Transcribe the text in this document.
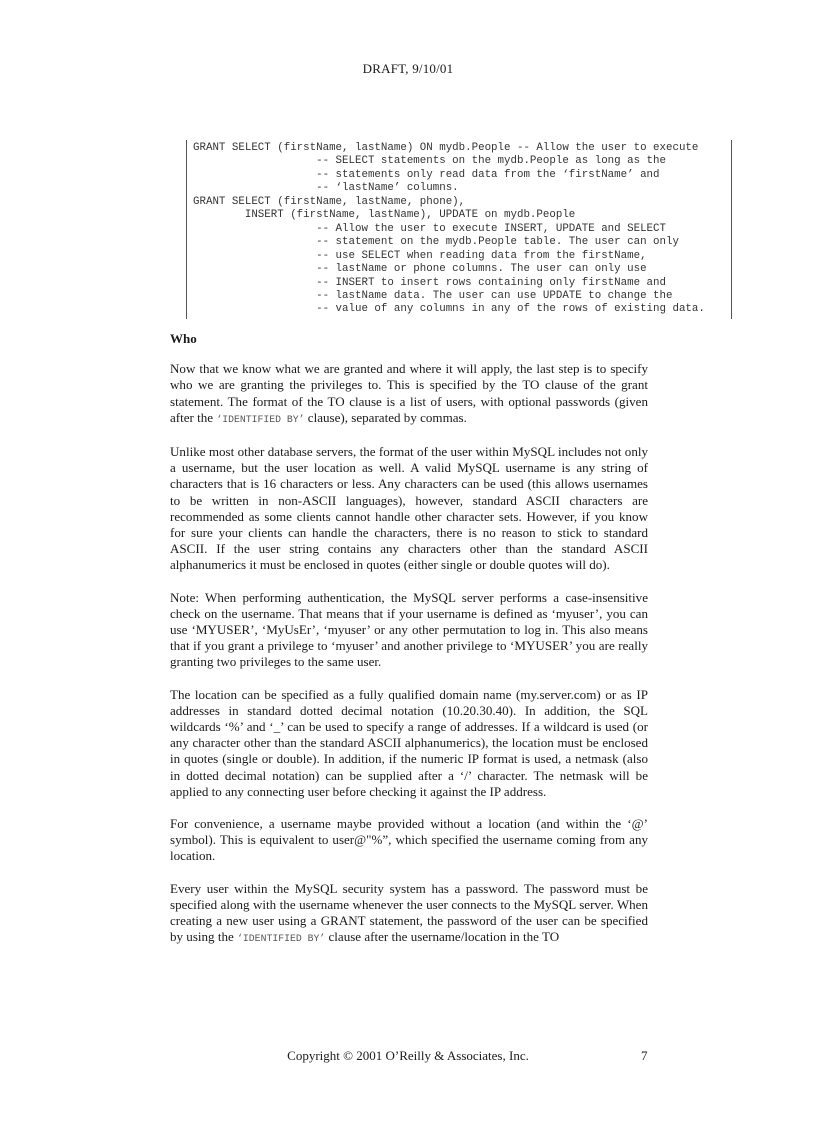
DRAFT, 9/10/01
GRANT SELECT (firstName, lastName) ON mydb.People -- Allow the user to execute
-- SELECT statements on the mydb.People as long as the
-- statements only read data from the ‘firstName’ and
-- ‘lastName’ columns.
GRANT SELECT (firstName, lastName, phone),
INSERT (firstName, lastName), UPDATE on mydb.People
-- Allow the user to execute INSERT, UPDATE and SELECT
-- statement on the mydb.People table. The user can only
-- use SELECT when reading data from the firstName,
-- lastName or phone columns. The user can only use
-- INSERT to insert rows containing only firstName and
-- lastName data. The user can use UPDATE to change the
-- value of any columns in any of the rows of existing data.
Who

Now that we know what we are granted and where it will apply, the last step is to specify who we are granting the privileges to. This is specified by the TO clause of the grant statement. The format of the TO clause is a list of users, with optional passwords (given after the ‘IDENTIFIED BY’ clause), separated by commas.

Unlike most other database servers, the format of the user within MySQL includes not only a username, but the user location as well. A valid MySQL username is any string of characters that is 16 characters or less. Any characters can be used (this allows usernames to be written in non-ASCII languages), however, standard ASCII characters are recommended as some clients cannot handle other character sets. However, if you know for sure your clients can handle the characters, there is no reason to stick to standard ASCII. If the user string contains any characters other than the standard ASCII alphanumerics it must be enclosed in quotes (either single or double quotes will do).

Note: When performing authentication, the MySQL server performs a case-insensitive check on the username. That means that if your username is defined as ‘myuser’, you can use ‘MYUSER’, ‘MyUsEr’, ‘myuser’ or any other permutation to log in. This also means that if you grant a privilege to ‘myuser’ and another privilege to ‘MYUSER’ you are really granting two privileges to the same user.

The location can be specified as a fully qualified domain name (my.server.com) or as IP addresses in standard dotted decimal notation (10.20.30.40). In addition, the SQL wildcards ‘%’ and ‘_’ can be used to specify a range of addresses. If a wildcard is used (or any character other than the standard ASCII alphanumerics), the location must be enclosed in quotes (single or double). In addition, if the numeric IP format is used, a netmask (also in dotted decimal notation) can be supplied after a ‘/’ character. The netmask will be applied to any connecting user before checking it against the IP address.

For convenience, a username maybe provided without a location (and within the ‘@’ symbol). This is equivalent to user@"%”, which specified the username coming from any location.

Every user within the MySQL security system has a password. The password must be specified along with the username whenever the user connects to the MySQL server. When creating a new user using a GRANT statement, the password of the user can be specified by using the ‘IDENTIFIED BY’ clause after the username/location in the TO

Copyright © 2001 O’Reilly & Associates, Inc.	7
